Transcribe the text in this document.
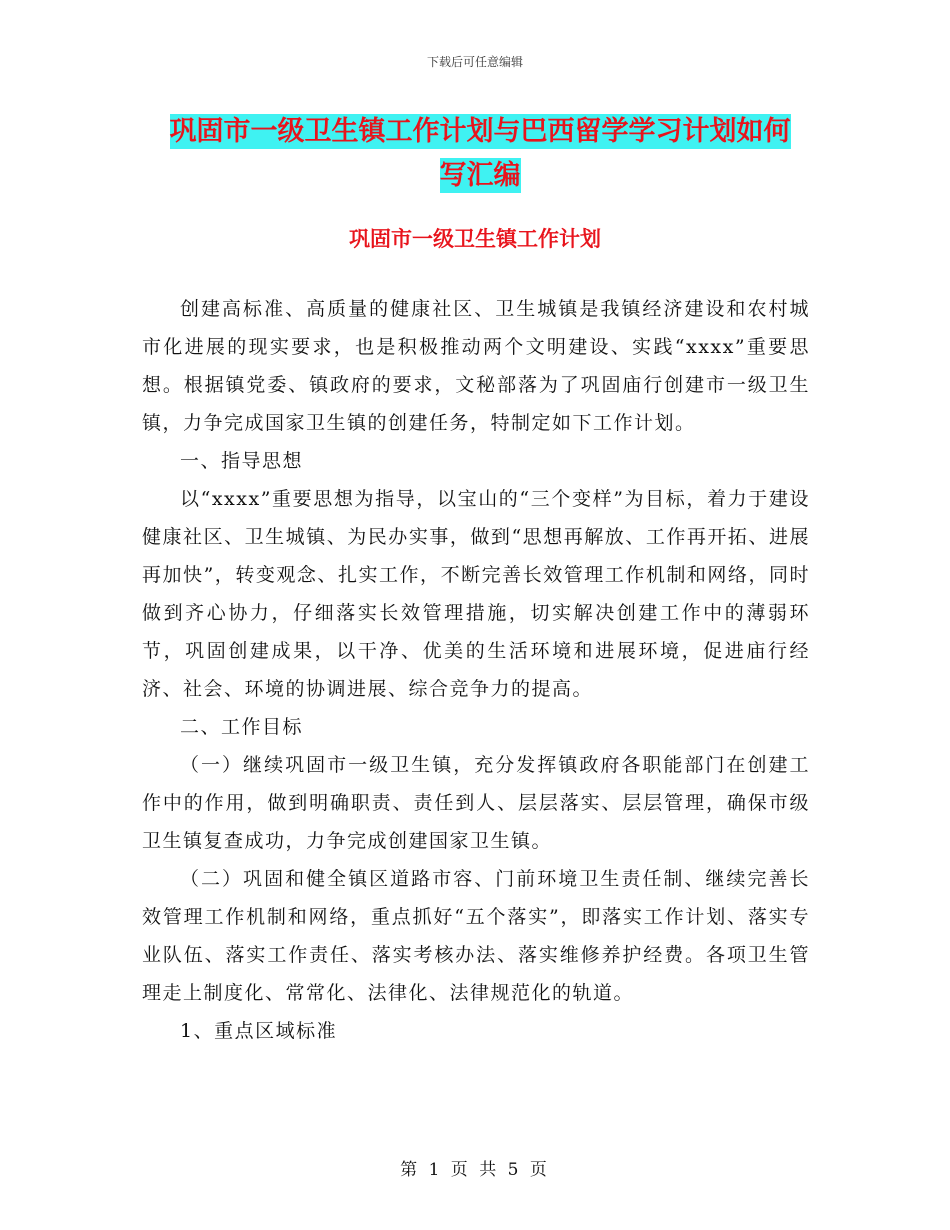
下载后可任意编辑
巩固市一级卫生镇工作计划与巴西留学学习计划如何
写汇编
巩固市一级卫生镇工作计划

创建高标准、高质量的健康社区、卫生城镇是我镇经济建设和农村城市化进展的现实要求，也是积极推动两个文明建设、实践“xxxx”重要思想。根据镇党委、镇政府的要求，文秘部落为了巩固庙行创建市一级卫生镇，力争完成国家卫生镇的创建任务，特制定如下工作计划。

一、指导思想

以“xxxx”重要思想为指导，以宝山的“三个变样”为目标，着力于建设健康社区、卫生城镇、为民办实事，做到“思想再解放、工作再开拓、进展再加快”，转变观念、扎实工作，不断完善长效管理工作机制和网络，同时做到齐心协力，仔细落实长效管理措施，切实解决创建工作中的薄弱环节，巩固创建成果，以干净、优美的生活环境和进展环境，促进庙行经济、社会、环境的协调进展、综合竞争力的提高。

二、工作目标

（一）继续巩固市一级卫生镇，充分发挥镇政府各职能部门在创建工作中的作用，做到明确职责、责任到人、层层落实、层层管理，确保市级卫生镇复查成功，力争完成创建国家卫生镇。

（二）巩固和健全镇区道路市容、门前环境卫生责任制、继续完善长效管理工作机制和网络，重点抓好“五个落实”，即落实工作计划、落实专业队伍、落实工作责任、落实考核办法、落实维修养护经费。各项卫生管理走上制度化、常常化、法律化、法律规范化的轨道。

1、重点区域标准

第 1 页 共 5 页
